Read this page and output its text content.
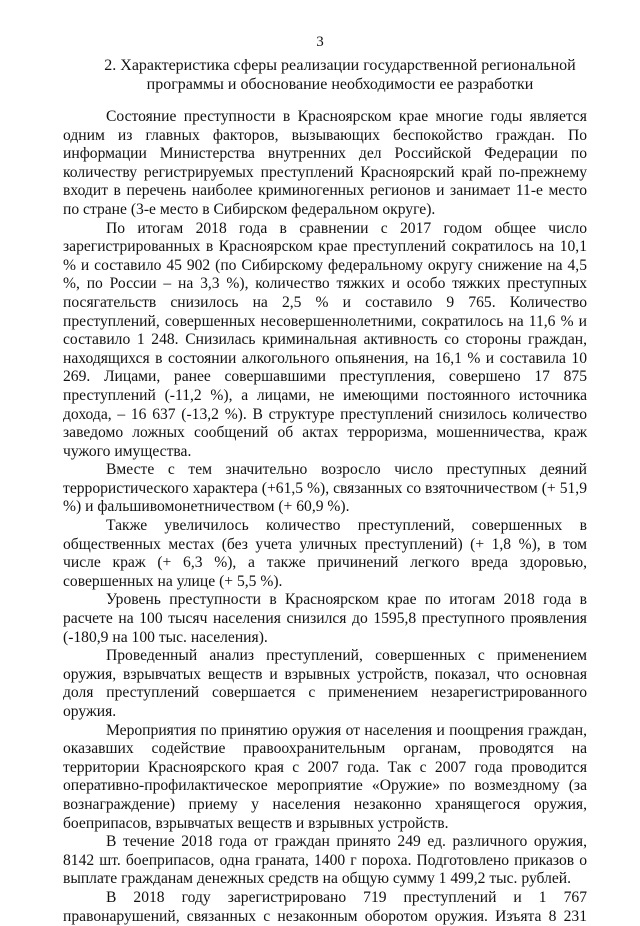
3
2. Характеристика сферы реализации государственной региональной программы и обоснование необходимости ее разработки

Состояние преступности в Красноярском крае многие годы является одним из главных факторов, вызывающих беспокойство граждан. По информации Министерства внутренних дел Российской Федерации по количеству регистрируемых преступлений Красноярский край по-прежнему входит в перечень наиболее криминогенных регионов и занимает 11-е место по стране (3-е место в Сибирском федеральном округе).

По итогам 2018 года в сравнении с 2017 годом общее число зарегистрированных в Красноярском крае преступлений сократилось на 10,1 % и составило 45 902 (по Сибирскому федеральному округу снижение на 4,5 %, по России – на 3,3 %), количество тяжких и особо тяжких преступных посягательств снизилось на 2,5 % и составило 9 765. Количество преступлений, совершенных несовершеннолетними, сократилось на 11,6 % и составило 1 248. Снизилась криминальная активность со стороны граждан, находящихся в состоянии алкогольного опьянения, на 16,1 % и составила 10 269. Лицами, ранее совершавшими преступления, совершено 17 875 преступлений (-11,2 %), а лицами, не имеющими постоянного источника дохода, – 16 637 (-13,2 %). В структуре преступлений снизилось количество заведомо ложных сообщений об актах терроризма, мошенничества, краж чужого имущества.

Вместе с тем значительно возросло число преступных деяний террористического характера (+61,5 %), связанных со взяточничеством (+ 51,9 %) и фальшивомонетничеством (+ 60,9 %).

Также увеличилось количество преступлений, совершенных в общественных местах (без учета уличных преступлений) (+ 1,8 %), в том числе краж (+ 6,3 %), а также причинений легкого вреда здоровью, совершенных на улице (+ 5,5 %).

Уровень преступности в Красноярском крае по итогам 2018 года в расчете на 100 тысяч населения снизился до 1595,8 преступного проявления (-180,9 на 100 тыс. населения).

Проведенный анализ преступлений, совершенных с применением оружия, взрывчатых веществ и взрывных устройств, показал, что основная доля преступлений совершается с применением незарегистрированного оружия.

Мероприятия по принятию оружия от населения и поощрения граждан, оказавших содействие правоохранительным органам, проводятся на территории Красноярского края с 2007 года. Так с 2007 года проводится оперативно-профилактическое мероприятие «Оружие» по возмездному (за вознаграждение) приему у населения незаконно хранящегося оружия, боеприпасов, взрывчатых веществ и взрывных устройств.

В течение 2018 года от граждан принято 249 ед. различного оружия, 8142 шт. боеприпасов, одна граната, 1400 г пороха. Подготовлено приказов о выплате гражданам денежных средств на общую сумму 1 499,2 тыс. рублей.

В 2018 году зарегистрировано 719 преступлений и 1 767 правонарушений, связанных с незаконным оборотом оружия. Изъята 8 231
